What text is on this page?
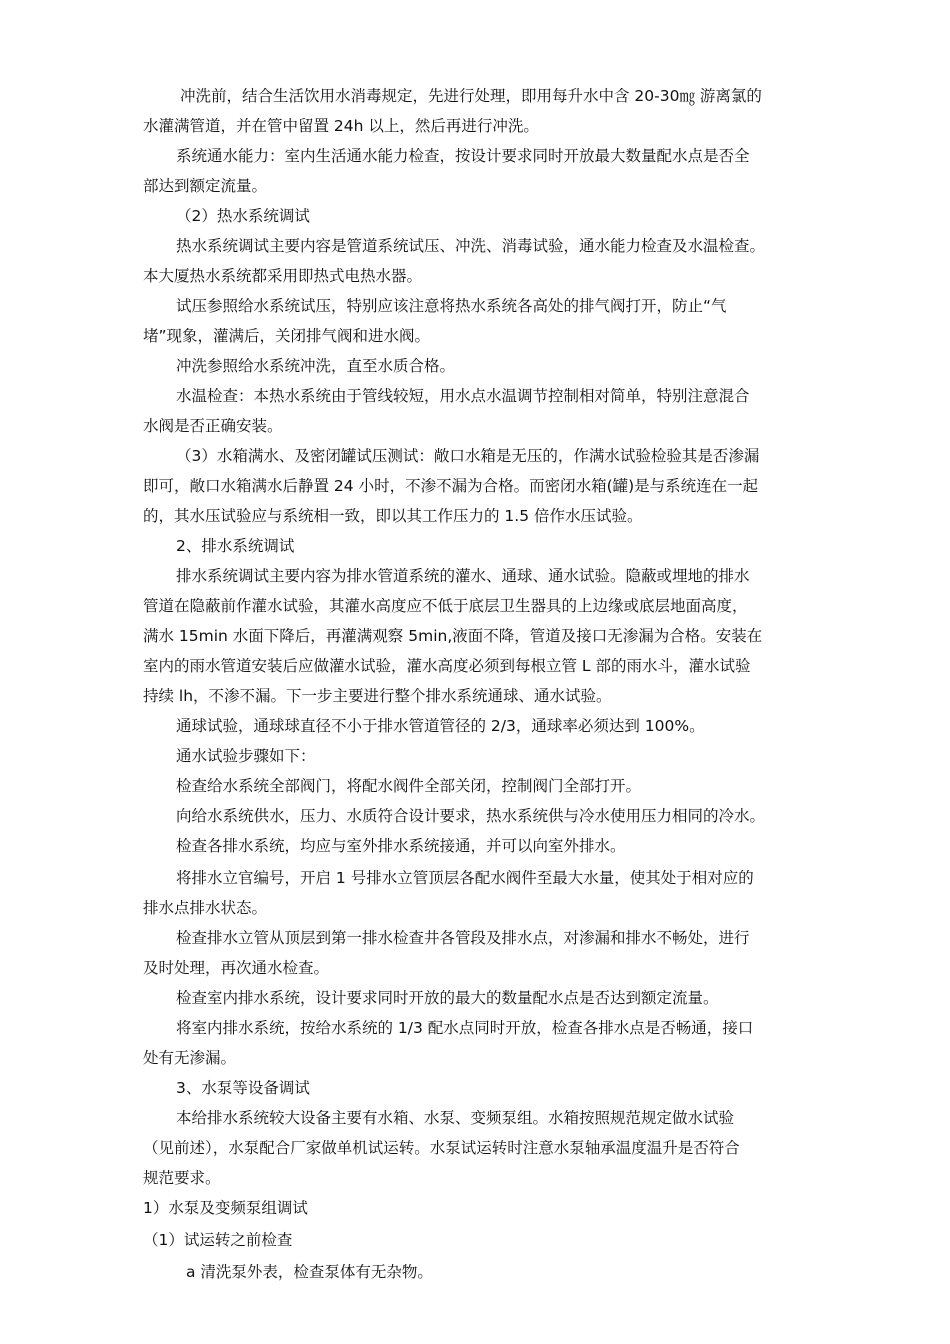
冲洗前，结合生活饮用水消毒规定，先进行处理，即用每升水中含 20-30㎎ 游离氯的
水灌满管道，并在管中留置 24h 以上，然后再进行冲洗。
系统通水能力：室内生活通水能力检查，按设计要求同时开放最大数量配水点是否全
部达到额定流量。
（2）热水系统调试
热水系统调试主要内容是管道系统试压、冲洗、消毒试验，通水能力检查及水温检查。
本大厦热水系统都采用即热式电热水器。
试压参照给水系统试压，特别应该注意将热水系统各高处的排气阀打开，防止“气
堵”现象，灌满后，关闭排气阀和进水阀。
冲洗参照给水系统冲洗，直至水质合格。
水温检查：本热水系统由于管线较短，用水点水温调节控制相对简单，特别注意混合
水阀是否正确安装。
（3）水箱满水、及密闭罐试压测试：敞口水箱是无压的，作满水试验检验其是否渗漏
即可，敞口水箱满水后静置 24 小时，不渗不漏为合格。而密闭水箱(罐)是与系统连在一起
的，其水压试验应与系统相一致，即以其工作压力的 1.5 倍作水压试验。
2、排水系统调试
排水系统调试主要内容为排水管道系统的灌水、通球、通水试验。隐蔽或埋地的排水
管道在隐蔽前作灌水试验，其灌水高度应不低于底层卫生器具的上边缘或底层地面高度，
满水 15min 水面下降后，再灌满观察 5min,液面不降，管道及接口无渗漏为合格。安装在
室内的雨水管道安装后应做灌水试验，灌水高度必须到每根立管 L 部的雨水斗，灌水试验
持续 lh，不渗不漏。下一步主要进行整个排水系统通球、通水试验。
通球试验，通球球直径不小于排水管道管径的 2/3，通球率必须达到 100%。
通水试验步骤如下：
检查给水系统全部阀门，将配水阀件全部关闭，控制阀门全部打开。
向给水系统供水，压力、水质符合设计要求，热水系统供与冷水使用压力相同的冷水。
检查各排水系统，均应与室外排水系统接通，并可以向室外排水。
将排水立官编号，开启 1 号排水立管顶层各配水阀件至最大水量，使其处于相对应的
排水点排水状态。
检查排水立管从顶层到第一排水检查井各管段及排水点，对渗漏和排水不畅处，进行
及时处理，再次通水检查。
检查室内排水系统，设计要求同时开放的最大的数量配水点是否达到额定流量。
将室内排水系统，按给水系统的 1/3 配水点同时开放，检查各排水点是否畅通，接口
处有无渗漏。
3、水泵等设备调试
本给排水系统较大设备主要有水箱、水泵、变频泵组。水箱按照规范规定做水试验
（见前述），水泵配合厂家做单机试运转。水泵试运转时注意水泵轴承温度温升是否符合
规范要求。
1）水泵及变频泵组调试
（1）试运转之前检查
a 清洗泵外表，检查泵体有无杂物。
